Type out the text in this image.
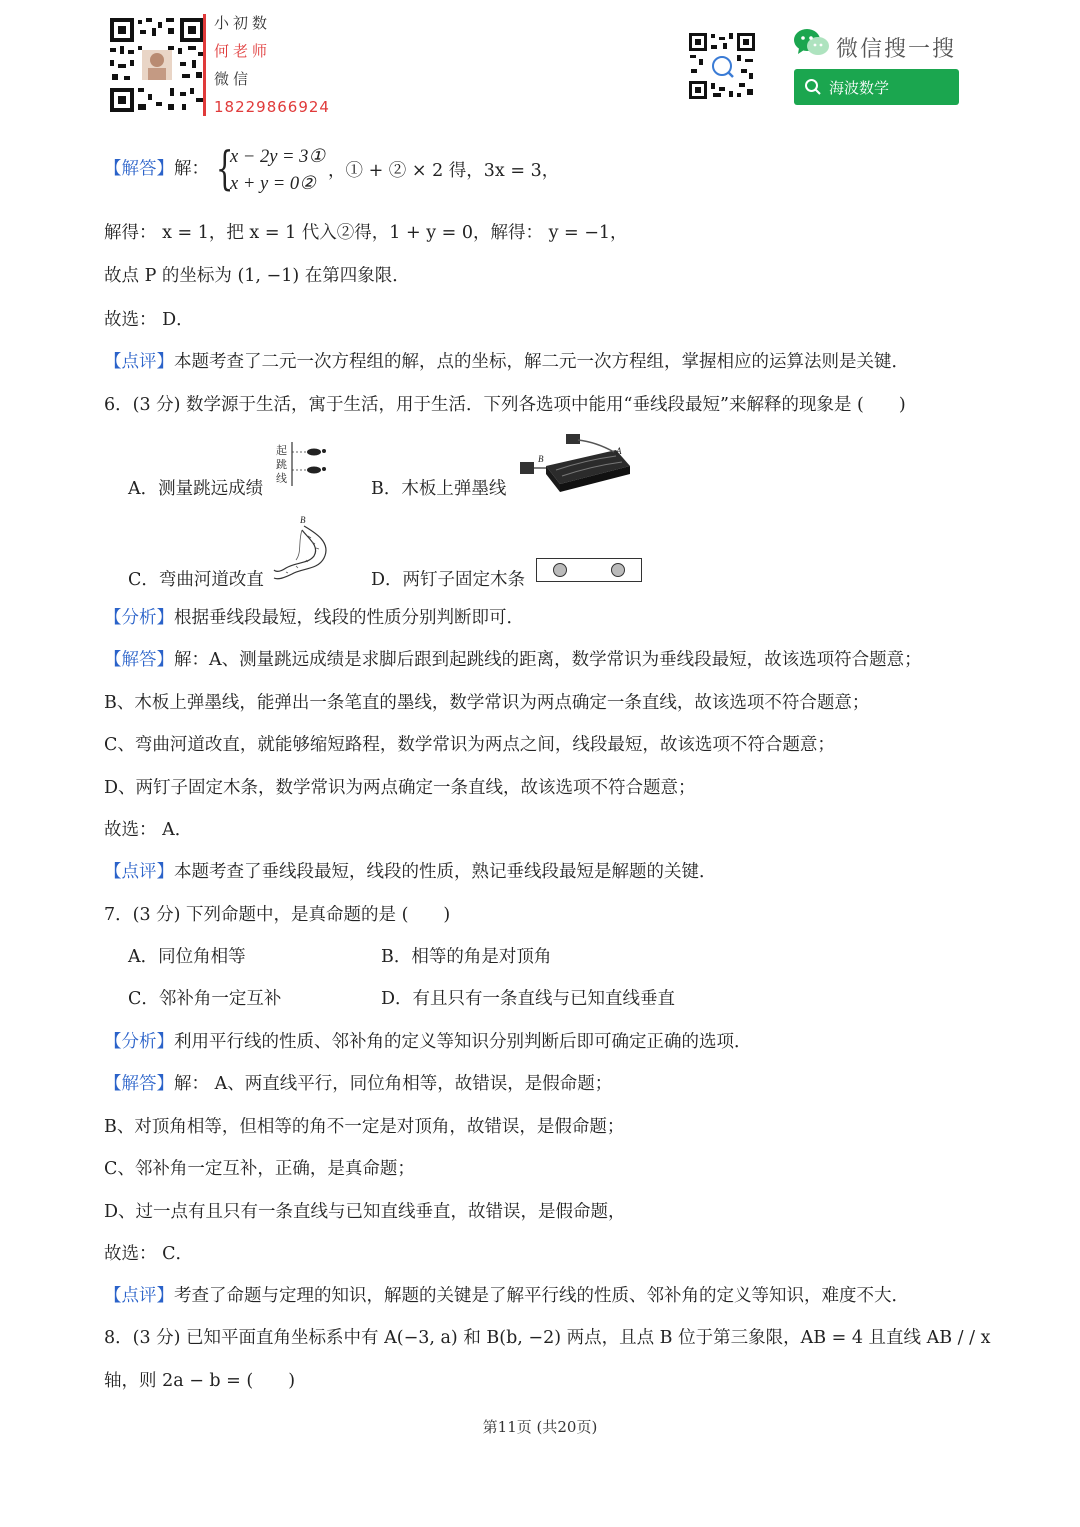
小初数
何老师
微信
18229866924
微信搜一搜
海波数学
【解答】解： {
x − 2y = 3①
x + y = 0②
，① + ② × 2 得，3x = 3，
解得： x = 1，把 x = 1 代入②得，1 + y = 0，解得： y = −1，
故点 P 的坐标为 (1, −1) 在第四象限．
故选： D．
【点评】本题考查了二元一次方程组的解，点的坐标，解二元一次方程组，掌握相应的运算法则是关键．
6．(3 分) 数学源于生活，寓于生活，用于生活．下列各选项中能用“垂线段最短”来解释的现象是 (　　)
A．测量跳远成绩
起
跳
线
B．木板上弹墨线
A
B
C．弯曲河道改直
B
D．两钉子固定木条
【分析】根据垂线段最短，线段的性质分别判断即可．
【解答】解：A、测量跳远成绩是求脚后跟到起跳线的距离，数学常识为垂线段最短，故该选项符合题意；
B、木板上弹墨线，能弹出一条笔直的墨线，数学常识为两点确定一条直线，故该选项不符合题意；
C、弯曲河道改直，就能够缩短路程，数学常识为两点之间，线段最短，故该选项不符合题意；
D、两钉子固定木条，数学常识为两点确定一条直线，故该选项不符合题意；
故选： A．
【点评】本题考查了垂线段最短，线段的性质，熟记垂线段最短是解题的关键．
7．(3 分) 下列命题中，是真命题的是 (　　)
A．同位角相等	B．相等的角是对顶角
C．邻补角一定互补	D．有且只有一条直线与已知直线垂直
【分析】利用平行线的性质、邻补角的定义等知识分别判断后即可确定正确的选项．
【解答】解： A、两直线平行，同位角相等，故错误，是假命题；
B、对顶角相等，但相等的角不一定是对顶角，故错误，是假命题；
C、邻补角一定互补，正确，是真命题；
D、过一点有且只有一条直线与已知直线垂直，故错误，是假命题，
故选： C．
【点评】考查了命题与定理的知识，解题的关键是了解平行线的性质、邻补角的定义等知识，难度不大．
8．(3 分) 已知平面直角坐标系中有 A(−3, a) 和 B(b, −2) 两点，且点 B 位于第三象限，AB = 4 且直线 AB / / x
轴，则 2a − b = (　　)
第11页 (共20页)
